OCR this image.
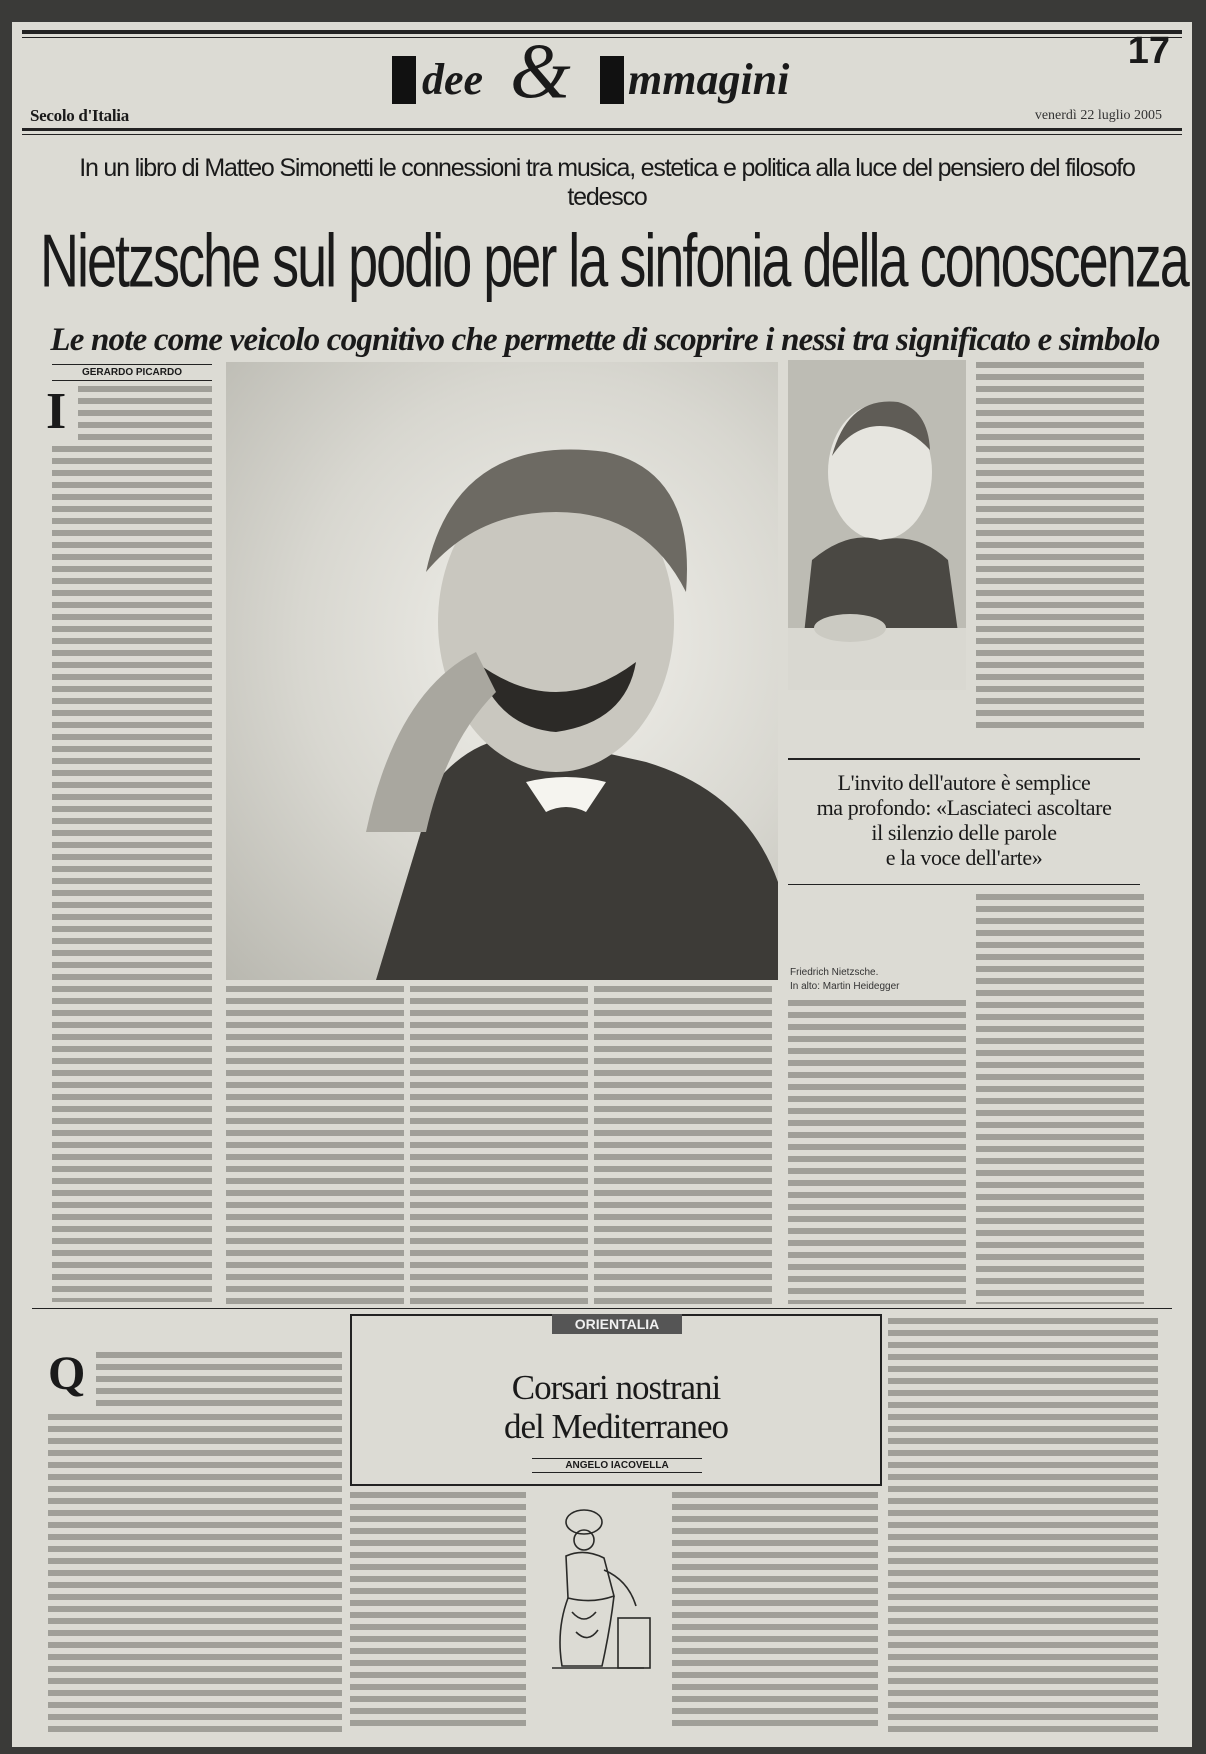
dee & mmagini
17
Secolo d'Italia	venerdì 22 luglio 2005
In un libro di Matteo Simonetti le connessioni tra musica, estetica e politica alla luce del pensiero del filosofo tedesco
Nietzsche sul podio per la sinfonia della conoscenza
Le note come veicolo cognitivo che permette di scoprire i nessi tra significato e simbolo
GERARDO PICARDO
I
L'invito dell'autore è semplice
ma profondo: «Lasciateci ascoltare
il silenzio delle parole
e la voce dell'arte»
Friedrich Nietzsche.
In alto: Martin Heidegger
ORIENTALIA
Corsari nostrani
del Mediterraneo
ANGELO IACOVELLA
Q
